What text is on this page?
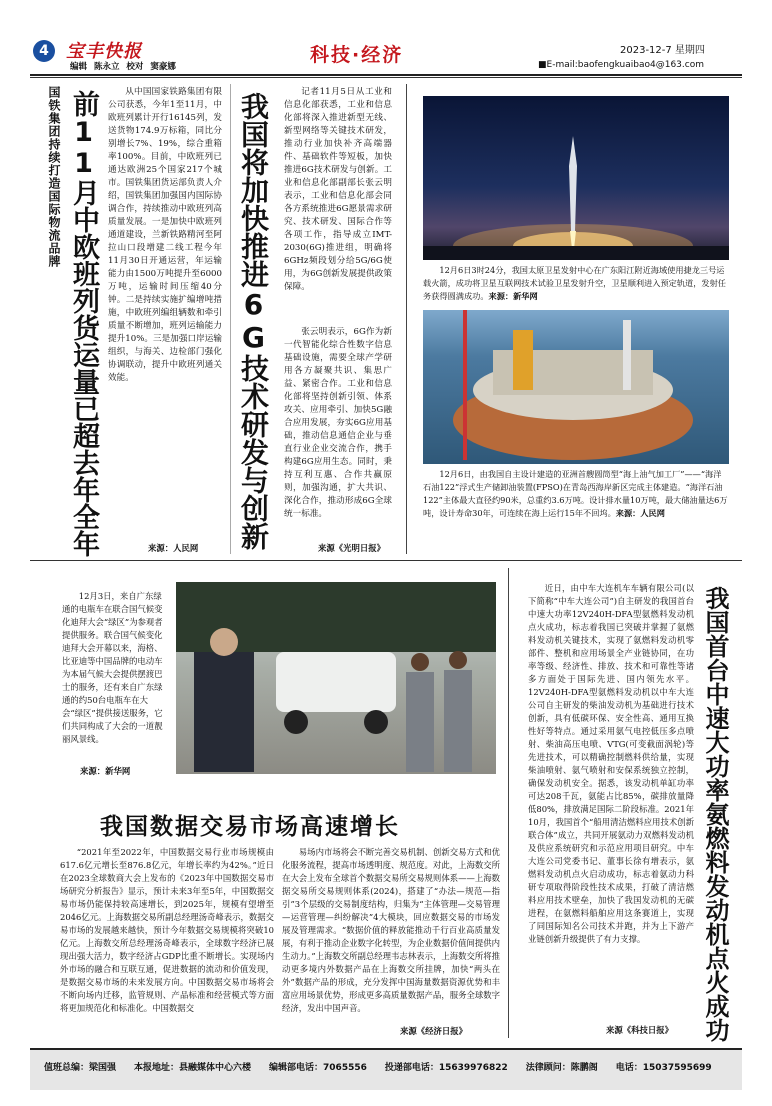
4 宝丰快报
编辑 陈永立 校对 窦豪娜
科技·经济	2023-12-7 星期四
■E-mail:baofengkuaibao4@163.com
国铁集团持续打造国际物流品牌 前11月中欧班列货运量已超去年全年	从中国国家铁路集团有限公司获悉，今年1至11月，中欧班列累计开行16145列，发送货物174.9万标箱，同比分别增长7%、19%，综合重箱率100%。目前，中欧班列已通达欧洲25个国家217个城市。国铁集团货运部负责人介绍，国铁集团加强国内国际协调合作，持续推动中欧班列高质量发展。一是加快中欧班列通道建设，兰新铁路精河至阿拉山口段增建二线工程今年11月30日开通运营，年运输能力由1500万吨提升至6000万吨，运输时间压缩40分钟。二是持续实施扩编增吨措施，中欧班列编组辆数和牵引质量不断增加，班列运输能力提升10%。三是加强口岸运输组织，与海关、边检部门强化协调联动，提升中欧班列通关效能。

来源：人民网 我国将加快推进6G技术研发与创新	记者11月5日从工业和信息化部获悉，工业和信息化部将深入推进新型无线、新型网络等关键技术研发，推动行业加快补齐高端器件、基础软件等短板，加快推进6G技术研发与创新。工业和信息化部副部长张云明表示，工业和信息化部会同各方系统推进6G愿景需求研究、技术研发、国际合作等各项工作，指导成立IMT-2030(6G)推进组，明确将6GHz频段划分给5G/6G使用，为6G创新发展提供政策保障。

张云明表示，6G作为新一代智能化综合性数字信息基础设施，需要全球产学研用各方凝聚共识、集思广益、紧密合作。工业和信息化部将坚持创新引领、体系攻关、应用牵引、加快5G融合应用发展，夯实6G应用基础，推动信息通信企业与垂直行业企业交流合作，携手构建6G应用生态。同时，秉持互利互惠、合作共赢原则，加强沟通，扩大共识、深化合作，推动形成6G全球统一标准。

来源《光明日报》
12月6日3时24分，我国太原卫星发射中心在广东阳江附近海域使用捷龙三号运载火箭，成功将卫星互联网技术试验卫星发射升空，卫星顺利进入预定轨道，发射任务获得圆满成功。来源：新华网
12月6日，由我国自主设计建造的亚洲首艘圆筒型“海上油气加工厂”——“海洋石油122”浮式生产储卸油装置(FPSO)在青岛西海岸新区完成主体建造。“海洋石油122”主体最大直径约90米，总重约3.6万吨。设计排水量10万吨，最大储油量达6万吨，设计寿命30年，可连续在海上运行15年不回坞。来源：人民网
12月3日，来自广东绿通的电瓶车在联合国气候变化迪拜大会“绿区”为参观者提供服务。联合国气候变化迪拜大会开幕以来，海格、比亚迪等中国品牌的电动车为本届气候大会提供摆渡巴士的服务，还有来自广东绿通的约50台电瓶车在大会“绿区”提供接送服务，它们共同构成了大会的一道靓丽风景线。
来源：新华网
我国数据交易市场高速增长

“2021年至2022年，中国数据交易行业市场规模由617.6亿元增长至876.8亿元，年增长率约为42%。”近日在2023全球数商大会上发布的《2023年中国数据交易市场研究分析报告》显示，预计未来3年至5年，中国数据交易市场仍能保持较高速增长，到2025年，规模有望增至2046亿元。上海数据交易所副总经理汤奇峰表示，数据交易市场的发展越来越快，预计今年数据交易规模将突破10亿元。上海数交所总经理汤奇峰表示，全球数字经济已展现出强大活力，数字经济占GDP比重不断增长。实现场内外市场的融合和互联互通，促进数据的流动和价值发现，是数据交易市场的未来发展方向。中国数据交易市场将会不断向场内迁移，监管规则、产品标准和经营模式等方面将更加规范化和标准化。中国数据交

易场内市场将会不断完善交易机制、创新交易方式和优化服务流程，提高市场透明度、规范度。对此，上海数交所在大会上发布全球首个数据交易所交易规则体系——上海数据交易所交易规则体系(2024)，搭建了“办法—规范—指引”3个层级的交易制度结构，归集为“主体管理—交易管理—运营管理—纠纷解决”4大模块，回应数据交易的市场发展及管理需求。“数据价值的释放能推动千行百业高质量发展，有利于推动企业数字化转型，为企业数据价值间提供内生动力。”上海数交所副总经理韦志林表示，上海数交所将推动更多境内外数据产品在上海数交所挂牌，加快“两头在外”数据产品的形成，充分发挥中国海量数据资源优势和丰富应用场景优势，形成更多高质量数据产品，服务全球数字经济，发出中国声音。

来源《经济日报》

近日，由中车大连机车车辆有限公司(以下简称“中车大连公司”)自主研发的我国首台中速大功率12V240H-DFA型氨燃料发动机点火成功，标志着我国已突破并掌握了氨燃料发动机关键技术，实现了氨燃料发动机零部件、整机和应用场景全产业链协同，在功率等级、经济性、排放、技术和可靠性等诸多方面处于国际先进、国内领先水平。12V240H-DFA型氨燃料发动机以中车大连公司自主研发的柴油发动机为基础进行技术创新，具有低碳环保、安全性高、通用互换性好等特点。通过采用氨气电控低压多点喷射、柴油高压电喷、VTG(可变截面涡轮)等先进技术，可以精确控制燃料供给量，实现柴油喷射、氨气喷射和安保系统独立控制，确保发动机安全。据悉，该发动机单缸功率可达208千瓦，氨能占比85%，碳排放量降低80%，排放满足国际二阶段标准。2021年10月，我国首个“船用清洁燃料应用技术创新联合体”成立，共同开展氨动力双燃料发动机及供应系统研究和示范应用项目研究。中车大连公司党委书记、董事长徐有增表示，氨燃料发动机点火启动成功，标志着氨动力科研专项取得阶段性技术成果，打破了清洁燃料应用技术壁垒，加快了我国发动机的无碳进程，在氨燃料船舶应用这条赛道上，实现了同国际知名公司技术并跑，并为上下游产业链创新升级提供了有力支撑。

来源《科技日报》 我国首台中速大功率氨燃料发动机点火成功
值班总编：梁国强 本报地址：县融媒体中心六楼 编辑部电话：7065556 投递部电话：15639976822 法律顾问：陈鹏阁 电话：15037595699
